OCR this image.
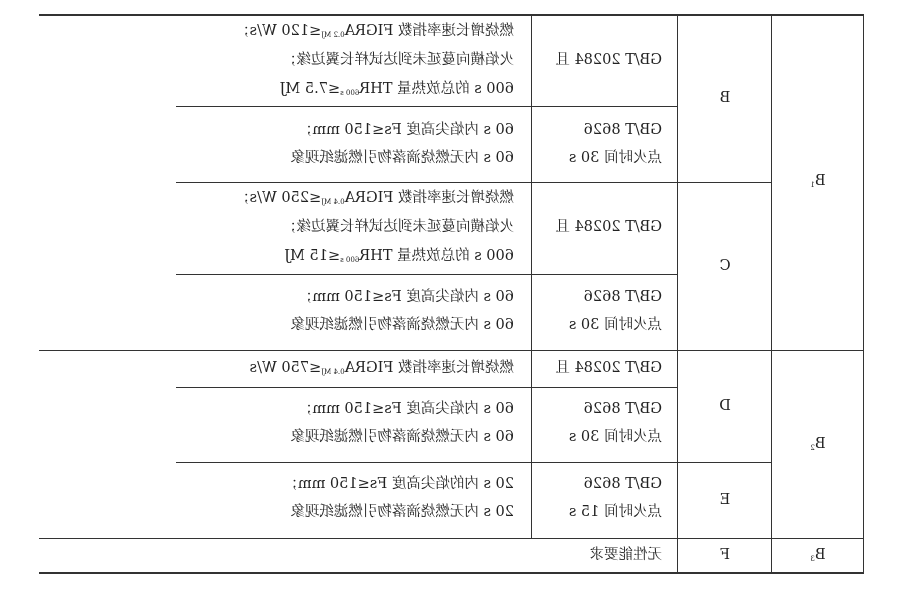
$B_1$
$B_2$
$B_3$
B
C
D
E
F
GB/T 20284 且
GB/T 8626
点火时间 30 s
GB/T 20284 且
GB/T 8626
点火时间 30 s
GB/T 20284 且
GB/T 8626
点火时间 30 s
GB/T 8626
点火时间 15 s
燃烧增长速率指数 $FIGRA_{0.2 MJ}\le 120$ W/s；
火焰横向蔓延未到达试样长翼边缘；
600 s 的总放热量 $THR_{600 s}\le 7.5$ MJ
60 s 内焰尖高度 Fs≤150 mm；
60 s 内无燃烧滴落物引燃滤纸现象
燃烧增长速率指数 $FIGRA_{0.4 MJ}\le 250$ W/s；
火焰横向蔓延未到达试样长翼边缘；
600 s 的总放热量 $THR_{600 s}\le 15$ MJ
60 s 内焰尖高度 Fs≤150 mm；
60 s 内无燃烧滴落物引燃滤纸现象
燃烧增长速率指数 $FIGRA_{0.4 MJ}\le 750$ W/s
60 s 内焰尖高度 Fs≤150 mm；
60 s 内无燃烧滴落物引燃滤纸现象
20 s 内的焰尖高度 Fs≤150 mm；
20 s 内无燃烧滴落物引燃滤纸现象
无性能要求
